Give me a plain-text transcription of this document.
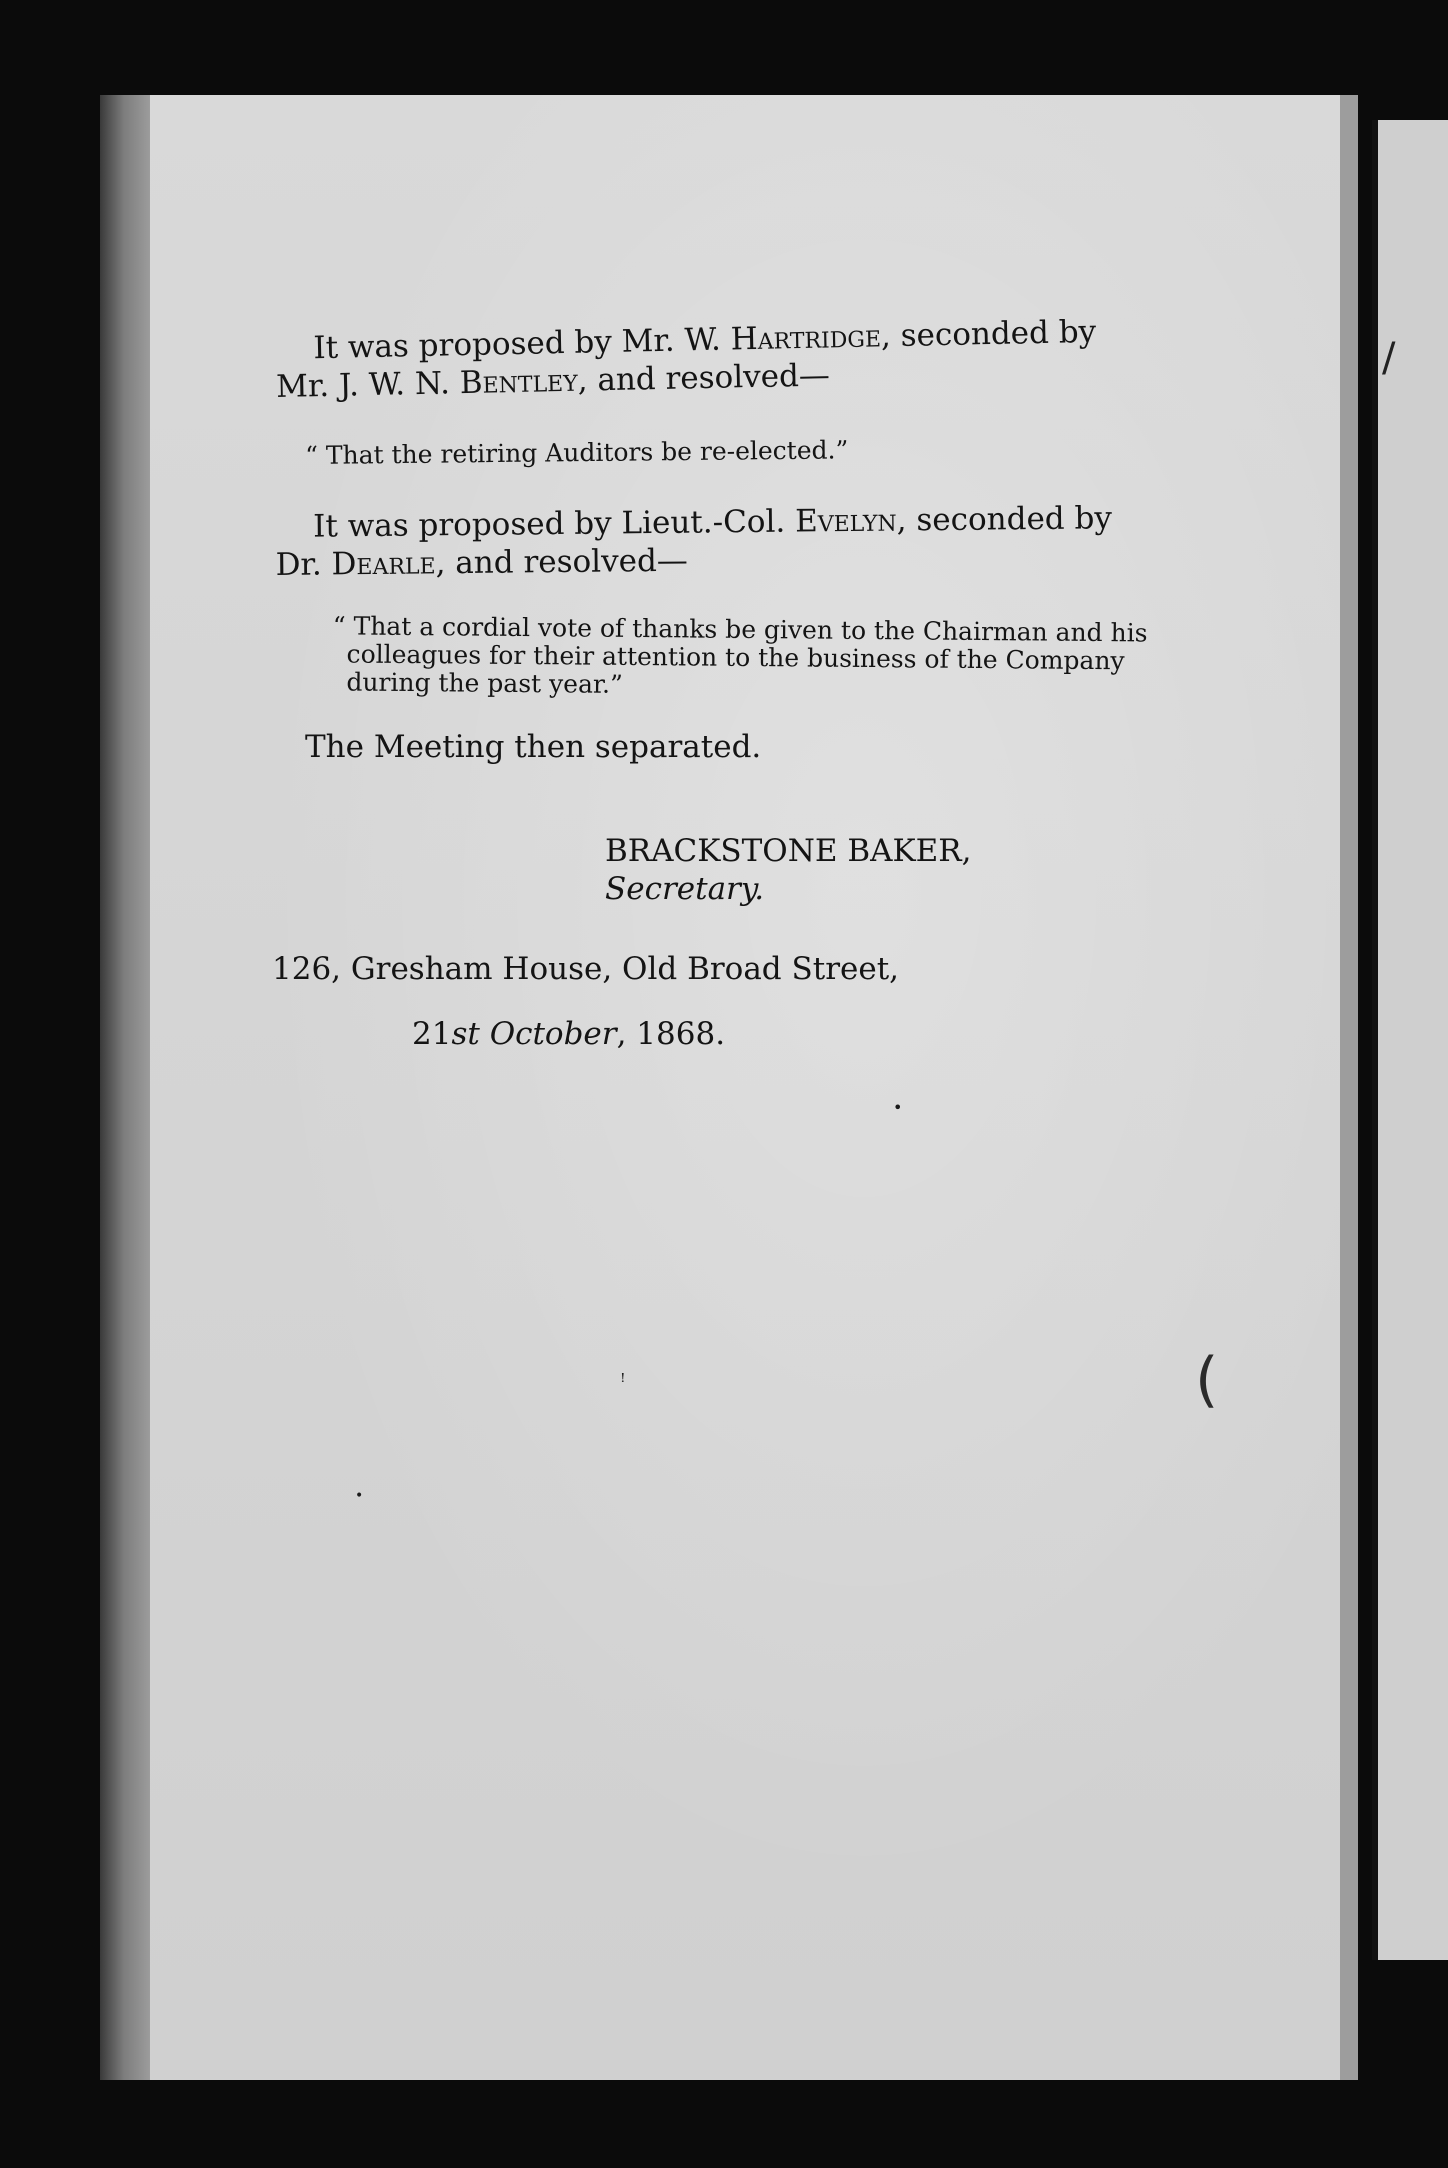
It was proposed by Mr. W. Hartridge, seconded by Mr. J. W. N. Bentley, and resolved—
“ That the retiring Auditors be re-elected.”
It was proposed by Lieut.-Col. Evelyn, seconded by Dr. Dearle, and resolved—
“ That a cordial vote of thanks be given to the Chairman and his colleagues for their attention to the business of the Company during the past year.”
The Meeting then separated.
BRACKSTONE BAKER, Secretary.
126, Gresham House, Old Broad Street,
21st October, 1868.
•
ꜝ
•
(
/
